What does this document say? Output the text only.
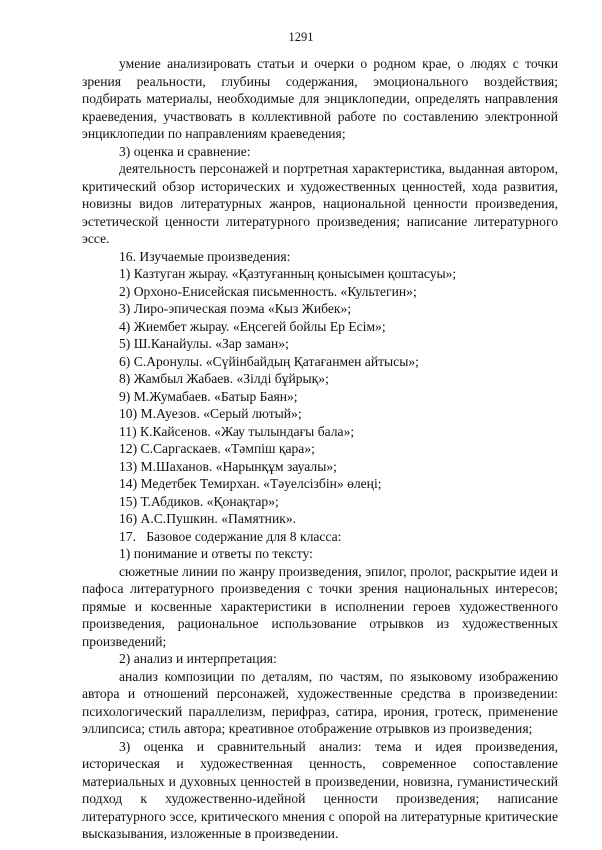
1291

умение анализировать статьи и очерки о родном крае, о людях с точки зрения реальности, глубины содержания, эмоционального воздействия; подбирать материалы, необходимые для энциклопедии, определять направления краеведения, участвовать в коллективной работе по составлению электронной энциклопедии по направлениям краеведения;

3) оценка и сравнение:

деятельность персонажей и портретная характеристика, выданная автором, критический обзор исторических и художественных ценностей, хода развития, новизны видов литературных жанров, национальной ценности произведения, эстетической ценности литературного произведения; написание литературного эссе.

16. Изучаемые произведения:

1) Казтуган жырау. «Қазтуғанның қонысымен қоштасуы»;

2) Орхоно-Енисейская письменность. «Культегин»;

3) Лиро-эпическая поэма «Кыз Жибек»;

4) Жиембет жырау. «Еңсегей бойлы Ер Есім»;

5) Ш.Канайулы. «Зар заман»;

6) С.Аронулы. «Сүйінбайдың Қатағанмен айтысы»;

8) Жамбыл Жабаев. «Зілді бұйрық»;

9) М.Жумабаев. «Батыр Баян»;

10) М.Ауезов. «Серый лютый»;

11) К.Кайсенов. «Жау тылындағы бала»;

12) С.Саргаскаев. «Тәмпіш қара»;

13) М.Шаханов. «Нарынқұм зауалы»;

14) Медетбек Темирхан. «Тәуелсізбін» өлеңі;

15) Т.Абдиков. «Қонақтар»;

16) А.С.Пушкин. «Памятник».

17.   Базовое содержание для 8 класса:

1) понимание и ответы по тексту:

сюжетные линии по жанру произведения, эпилог, пролог, раскрытие идеи и пафоса литературного произведения с точки зрения национальных интересов; прямые и косвенные характеристики в исполнении героев художественного произведения, рациональное использование отрывков из художественных произведений;

2) анализ и интерпретация:

анализ композиции по деталям, по частям, по языковому изображению автора и отношений персонажей, художественные средства в произведении: психологический параллелизм, перифраз, сатира, ирония, гротеск, применение эллипсиса; стиль автора; креативное отображение отрывков из произведения;

3) оценка и сравнительный анализ: тема и идея произведения, историческая и художественная ценность, современное сопоставление материальных и духовных ценностей в произведении, новизна, гуманистический подход к художественно-идейной ценности произведения; написание литературного эссе, критического мнения с опорой на литературные критические высказывания, изложенные в произведении.
